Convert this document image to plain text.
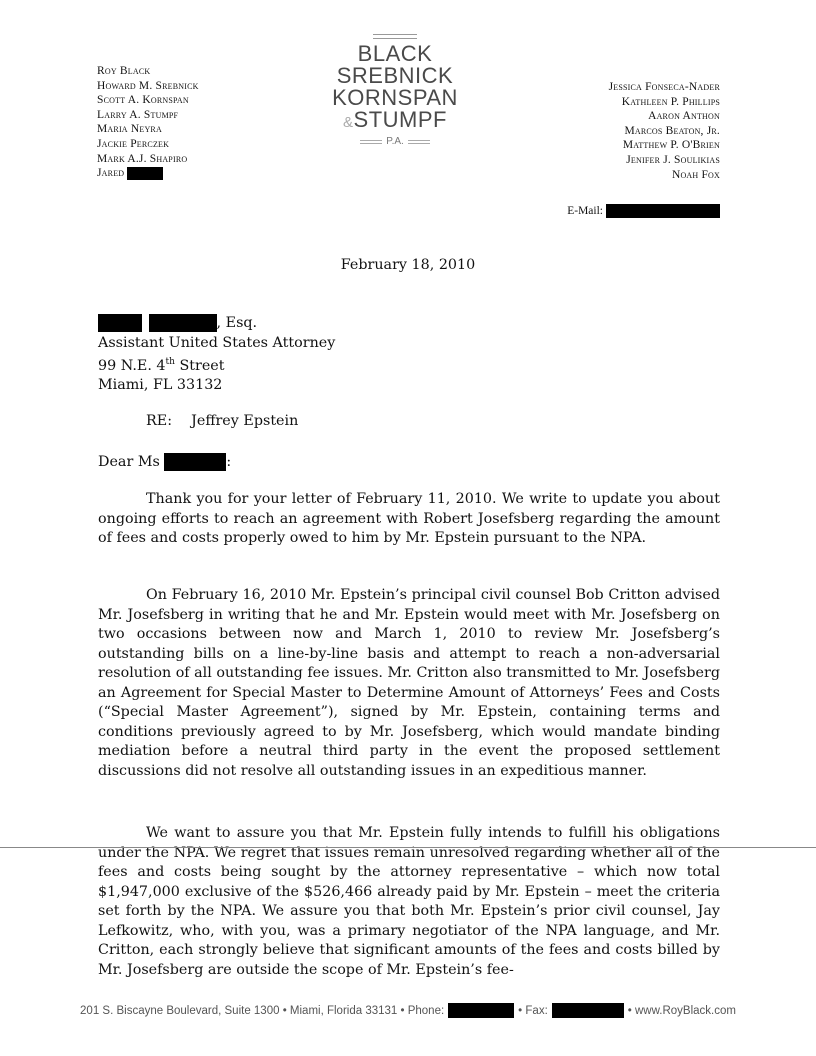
Roy Black
Howard M. Srebnick
Scott A. Kornspan
Larry A. Stumpf
Maria Neyra
Jackie Perczek
Mark A.J. Shapiro
Jared
BLACK
SREBNICK
KORNSPAN
&STUMPF
P.A.
Jessica Fonseca-Nader
Kathleen P. Phillips
Aaron Anthon
Marcos Beaton, Jr.
Matthew P. O'Brien
Jenifer J. Soulikias
Noah Fox
E-Mail:
February 18, 2010
, Esq.
Assistant United States Attorney
99 N.E. 4th Street
Miami, FL 33132
RE: Jeffrey Epstein
Dear Ms	:

Thank you for your letter of February 11, 2010. We write to update you about ongoing efforts to reach an agreement with Robert Josefsberg regarding the amount of fees and costs properly owed to him by Mr. Epstein pursuant to the NPA.

On February 16, 2010 Mr. Epstein’s principal civil counsel Bob Critton advised Mr. Josefsberg in writing that he and Mr. Epstein would meet with Mr. Josefsberg on two occasions between now and March 1, 2010 to review Mr. Josefsberg’s outstanding bills on a line-by-line basis and attempt to reach a non-adversarial resolution of all outstanding fee issues. Mr. Critton also transmitted to Mr. Josefsberg an Agreement for Special Master to Determine Amount of Attorneys’ Fees and Costs (“Special Master Agreement”), signed by Mr. Epstein, containing terms and conditions previously agreed to by Mr. Josefsberg, which would mandate binding mediation before a neutral third party in the event the proposed settlement discussions did not resolve all outstanding issues in an expeditious manner.

We want to assure you that Mr. Epstein fully intends to fulfill his obligations under the NPA. We regret that issues remain unresolved regarding whether all of the fees and costs being sought by the attorney representative – which now total $1,947,000 exclusive of the $526,466 already paid by Mr. Epstein – meet the criteria set forth by the NPA. We assure you that both Mr. Epstein’s prior civil counsel, Jay Lefkowitz, who, with you, was a primary negotiator of the NPA language, and Mr. Critton, each strongly believe that significant amounts of the fees and costs billed by Mr. Josefsberg are outside the scope of Mr. Epstein’s fee-

201 S. Biscayne Boulevard, Suite 1300 • Miami, Florida 33131 • Phone:	• Fax:	• www.RoyBlack.com
